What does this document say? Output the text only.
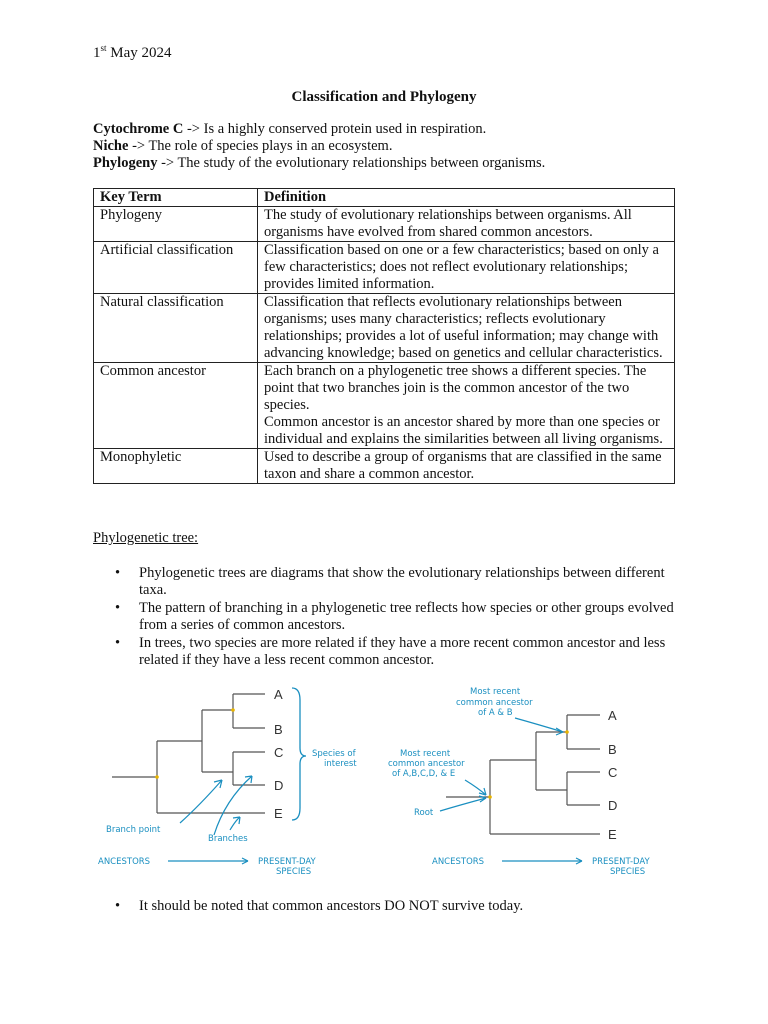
1st May 2024
Classification and Phylogeny
Cytochrome C -> Is a highly conserved protein used in respiration.
Niche -> The role of species plays in an ecosystem.
Phylogeny -> The study of the evolutionary relationships between organisms.
Key Term	Definition
Phylogeny	The study of evolutionary relationships between organisms. All organisms have evolved from shared common ancestors.
Artificial classification	Classification based on one or a few characteristics; based on only a few characteristics; does not reflect evolutionary relationships; provides limited information.
Natural classification	Classification that reflects evolutionary relationships between organisms; uses many characteristics; reflects evolutionary relationships; provides a lot of useful information; may change with advancing knowledge; based on genetics and cellular characteristics.
Common ancestor	Each branch on a phylogenetic tree shows a different species. The point that two branches join is the common ancestor of the two species.
Common ancestor is an ancestor shared by more than one species or individual and explains the similarities between all living organisms.

Monophyletic	Used to describe a group of organisms that are classified in the same taxon and share a common ancestor.
Phylogenetic tree:
• Phylogenetic trees are diagrams that show the evolutionary relationships between different taxa.
• The pattern of branching in a phylogenetic tree reflects how species or other groups evolved from a series of common ancestors.
• In trees, two species are more related if they have a more recent common ancestor and less related if they have a less recent common ancestor.
A
B
C
D
E
Species of
interest
Branch point
Branches
ANCESTORS	PRESENT-DAY
SPECIES
A
B
C
D
E
Most recent
common ancestor
of A & B
Most recent
common ancestor
of A,B,C,D, & E
Root
ANCESTORS	PRESENT-DAY
SPECIES
• It should be noted that common ancestors DO NOT survive today.
